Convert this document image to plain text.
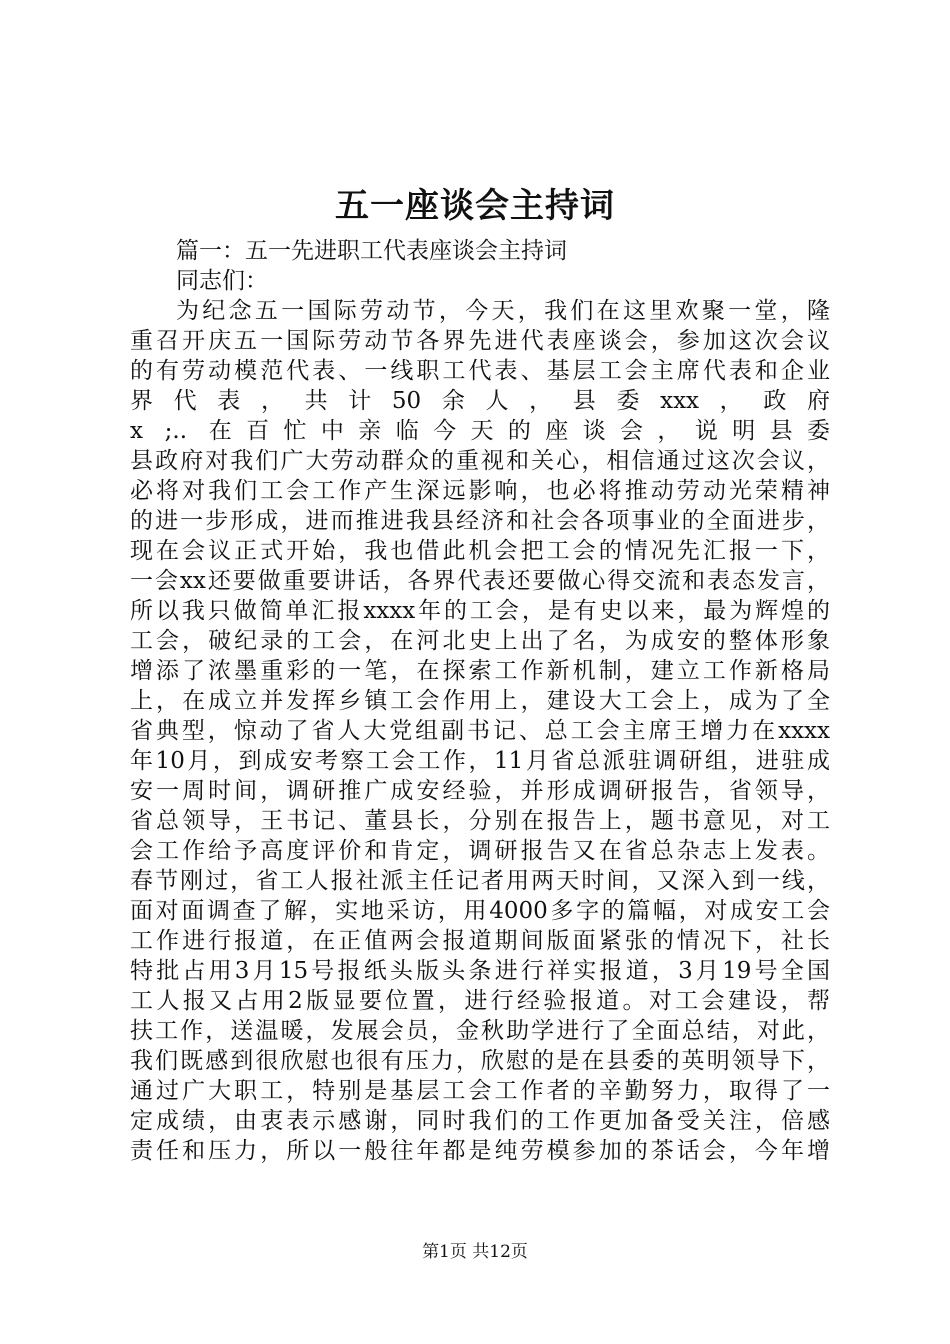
五一座谈会主持词
篇一：五一先进职工代表座谈会主持词
同志们：
为纪念五一国际劳动节，今天，我们在这里欢聚一堂，隆
重召开庆五一国际劳动节各界先进代表座谈会，参加这次会议
的有劳动模范代表、一线职工代表、基层工会主席代表和企业
界代表，共计50余人，县委xxx，政府
x ;.. 在百忙中亲临今天的座谈会，说明县委
县政府对我们广大劳动群众的重视和关心，相信通过这次会议，
必将对我们工会工作产生深远影响，也必将推动劳动光荣精神
的进一步形成，进而推进我县经济和社会各项事业的全面进步，
现在会议正式开始，我也借此机会把工会的情况先汇报一下，
一会xx还要做重要讲话，各界代表还要做心得交流和表态发言，
所以我只做简单汇报xxxx年的工会，是有史以来，最为辉煌的
工会，破纪录的工会，在河北史上出了名，为成安的整体形象
增添了浓墨重彩的一笔，在探索工作新机制，建立工作新格局
上，在成立并发挥乡镇工会作用上，建设大工会上，成为了全
省典型，惊动了省人大党组副书记、总工会主席王增力在xxxx
年10月，到成安考察工会工作，11月省总派驻调研组，进驻成
安一周时间，调研推广成安经验，并形成调研报告，省领导，
省总领导，王书记、董县长，分别在报告上，题书意见，对工
会工作给予高度评价和肯定，调研报告又在省总杂志上发表。
春节刚过，省工人报社派主任记者用两天时间，又深入到一线，
面对面调查了解，实地采访，用4000多字的篇幅，对成安工会
工作进行报道，在正值两会报道期间版面紧张的情况下，社长
特批占用3月15号报纸头版头条进行祥实报道，3月19号全国
工人报又占用2版显要位置，进行经验报道。对工会建设，帮
扶工作，送温暖，发展会员，金秋助学进行了全面总结，对此，
我们既感到很欣慰也很有压力，欣慰的是在县委的英明领导下，
通过广大职工，特别是基层工会工作者的辛勤努力，取得了一
定成绩，由衷表示感谢，同时我们的工作更加备受关注，倍感
责任和压力，所以一般往年都是纯劳模参加的茶话会，今年增
第1页 共12页
